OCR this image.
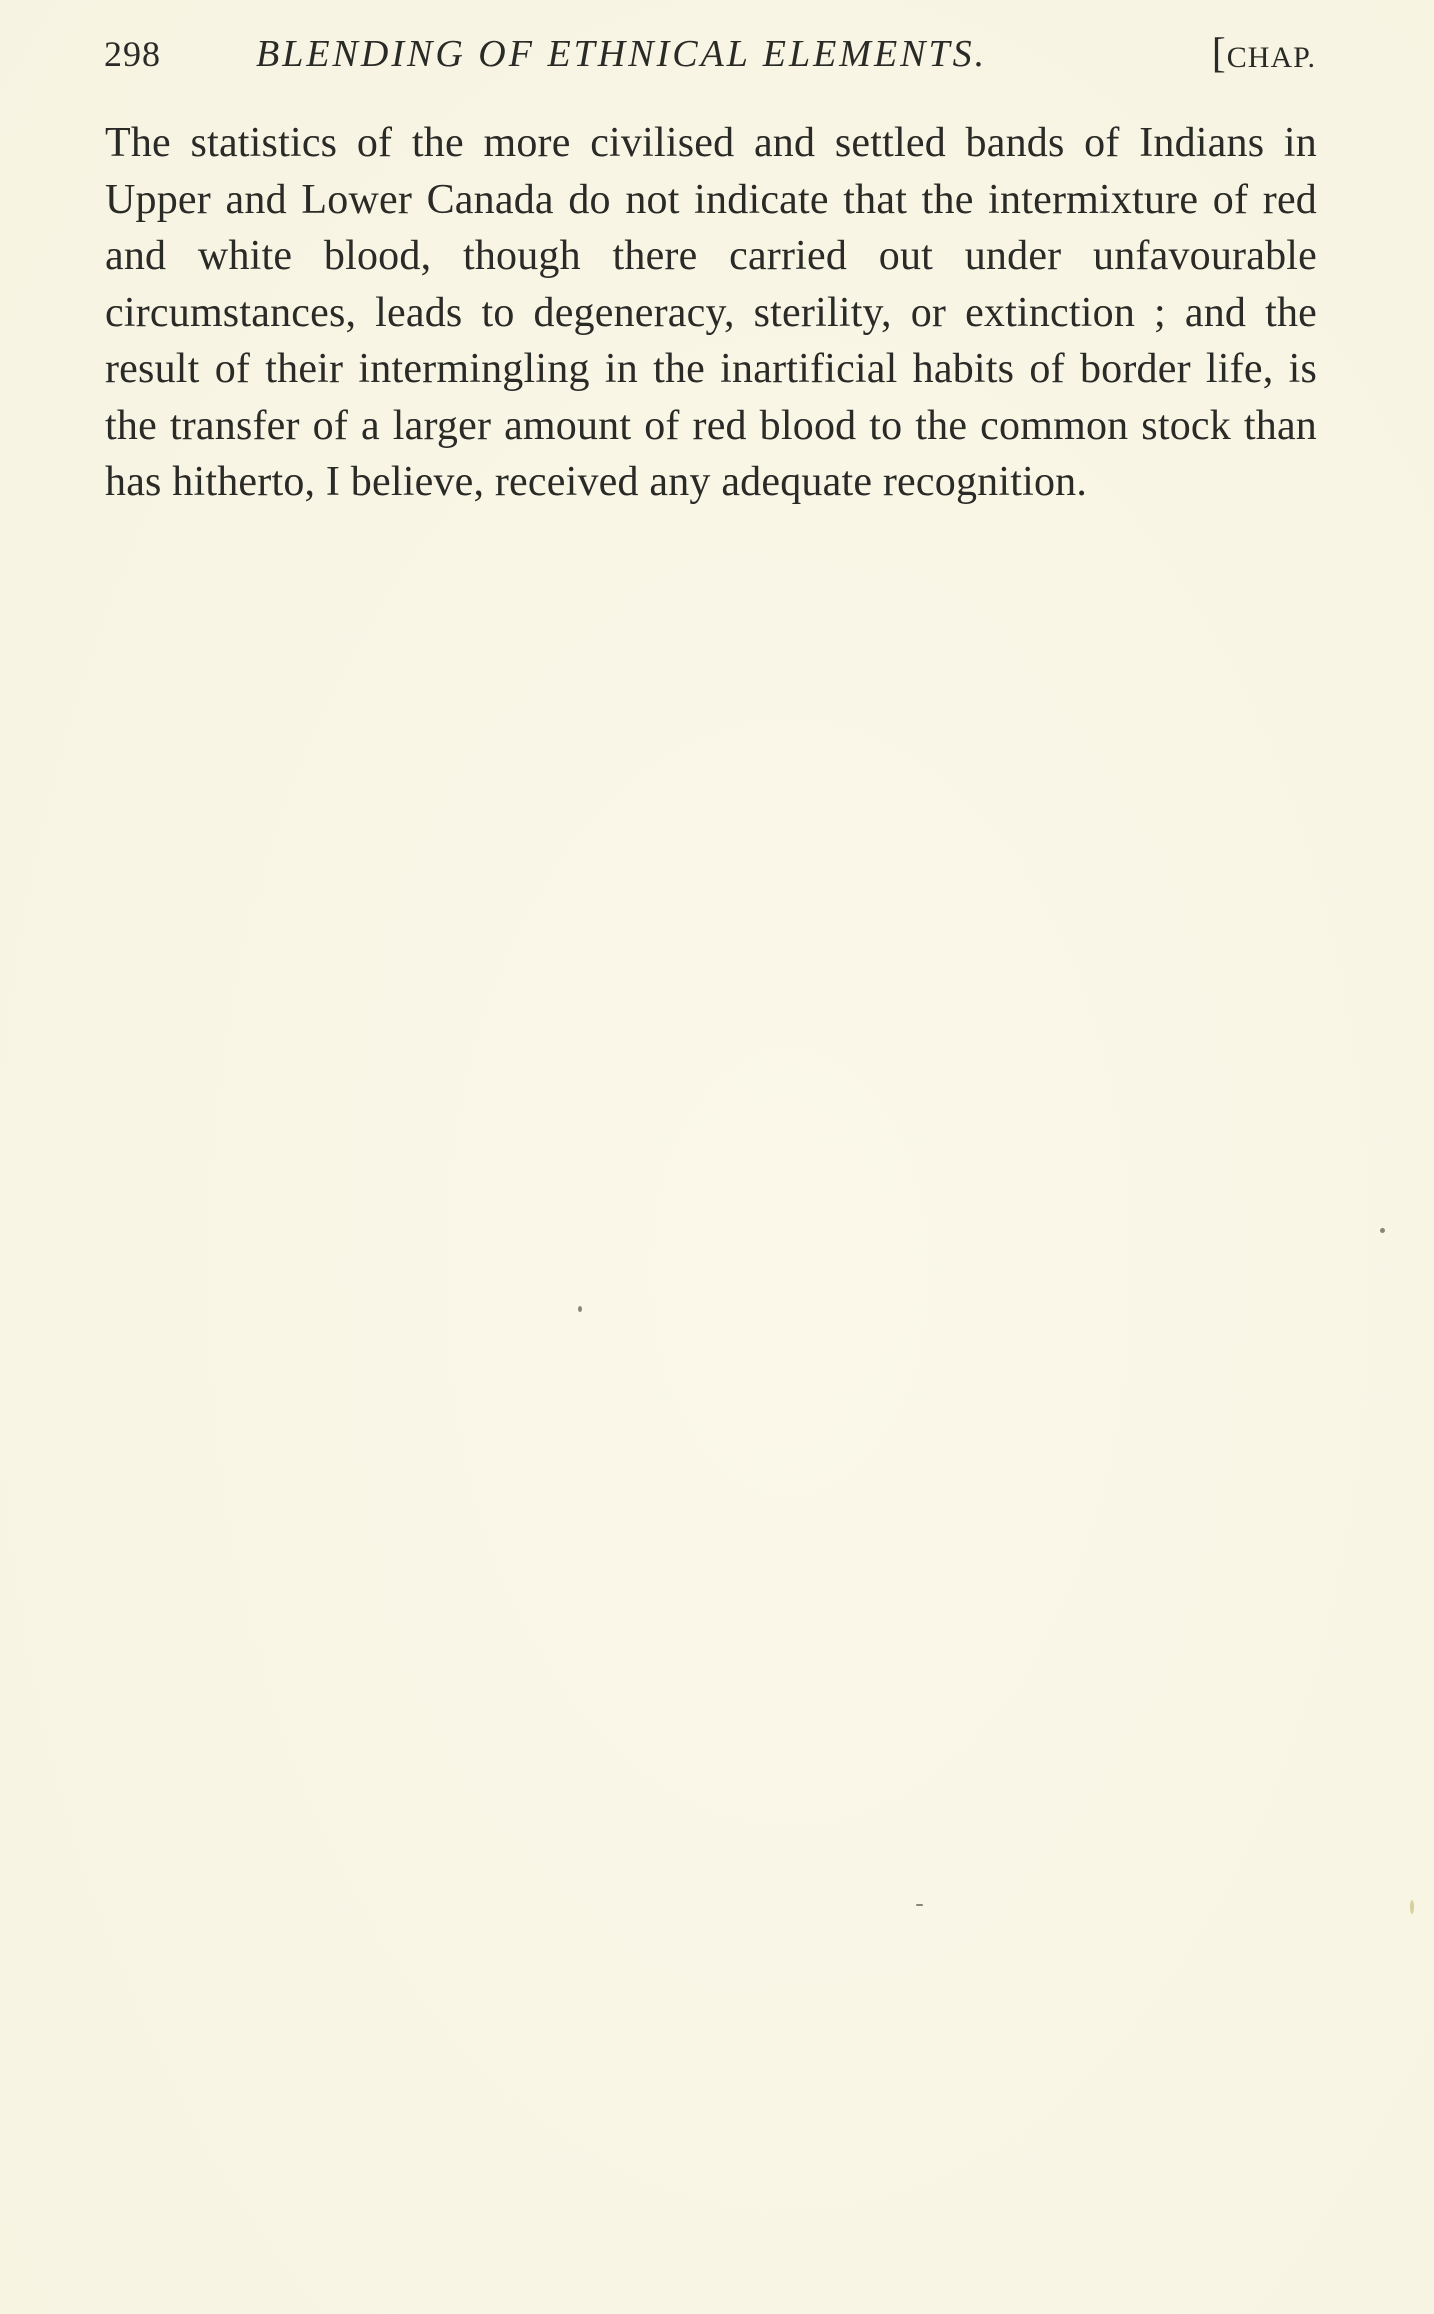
298	BLENDING OF ETHNICAL ELEMENTS.	[CHAP.

The statistics of the more civilised and settled bands of Indians in Upper and Lower Canada do not indicate that the intermixture of red and white blood, though there carried out under unfavourable circumstances, leads to degeneracy, sterility, or extinction ; and the result of their intermingling in the inartificial habits of border life, is the transfer of a larger amount of red blood to the common stock than has hitherto, I believe, received any adequate recognition.
